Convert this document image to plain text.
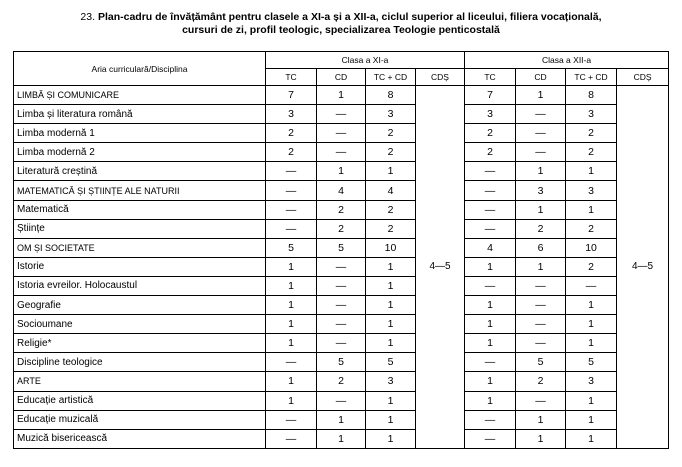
23. Plan-cadru de învățământ pentru clasele a XI-a și a XII-a, ciclul superior al liceului, filiera vocațională,
cursuri de zi, profil teologic, specializarea Teologie penticostală
Aria curriculară/Disciplina	Clasa a XI-a				Clasa a XII-a			
	TC	CD	TC + CD	CDȘ	TC	CD	TC + CD	CDȘ
LIMBĂ ȘI COMUNICARE	7	1	8	4—5	7	1	8	4—5
Limba și literatura română	3	—	3		3	—	3	
Limba modernă 1	2	—	2		2	—	2	
Limba modernă 2	2	—	2		2	—	2	
Literatură creștină	—	1	1		—	1	1	
MATEMATICĂ ȘI ȘTIINȚE ALE NATURII	—	4	4		—	3	3	
Matematică	—	2	2		—	1	1	
Științe	—	2	2		—	2	2	
OM ȘI SOCIETATE	5	5	10		4	6	10	
Istorie	1	—	1		1	1	2	
Istoria evreilor. Holocaustul	1	—	1		—	—	—	
Geografie	1	—	1		1	—	1	
Socioumane	1	—	1		1	—	1	
Religie*	1	—	1		1	—	1	
Discipline teologice	—	5	5		—	5	5	
ARTE	1	2	3		1	2	3	
Educație artistică	1	—	1		1	—	1	
Educație muzicală	—	1	1		—	1	1	
Muzică bisericească	—	1	1		—	1	1	
